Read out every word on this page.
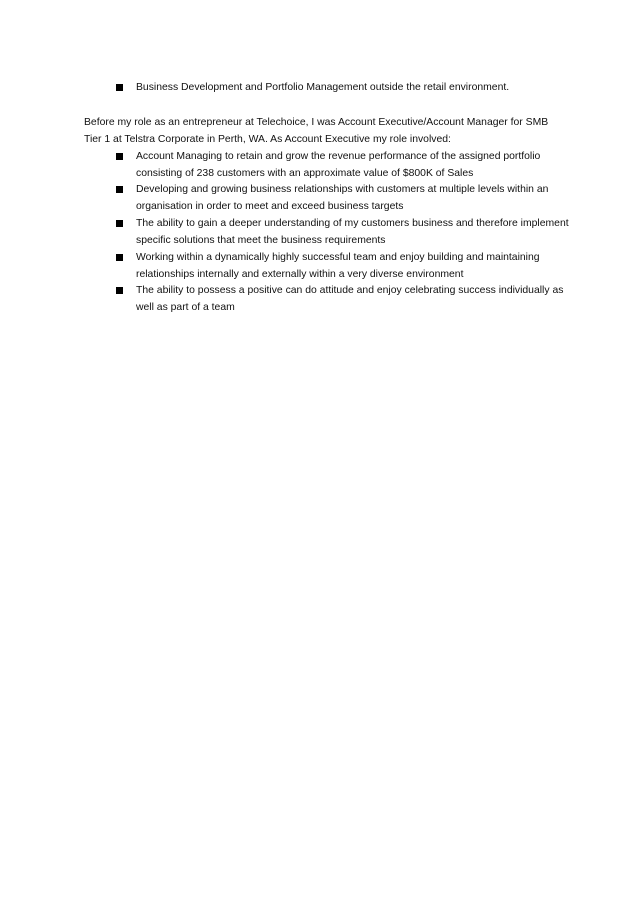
Business Development and Portfolio Management outside the retail environment.
Before my role as an entrepreneur at Telechoice, I was Account Executive/Account Manager for SMB
Tier 1 at Telstra Corporate in Perth, WA. As Account Executive my role involved:
Account Managing to retain and grow the revenue performance of the assigned portfolio
consisting of 238 customers with an approximate value of $800K of Sales
Developing and growing business relationships with customers at multiple levels within an
organisation in order to meet and exceed business targets
The ability to gain a deeper understanding of my customers business and therefore implement
specific solutions that meet the business requirements
Working within a dynamically highly successful team and enjoy building and maintaining
relationships internally and externally within a very diverse environment
The ability to possess a positive can do attitude and enjoy celebrating success individually as
well as part of a team
